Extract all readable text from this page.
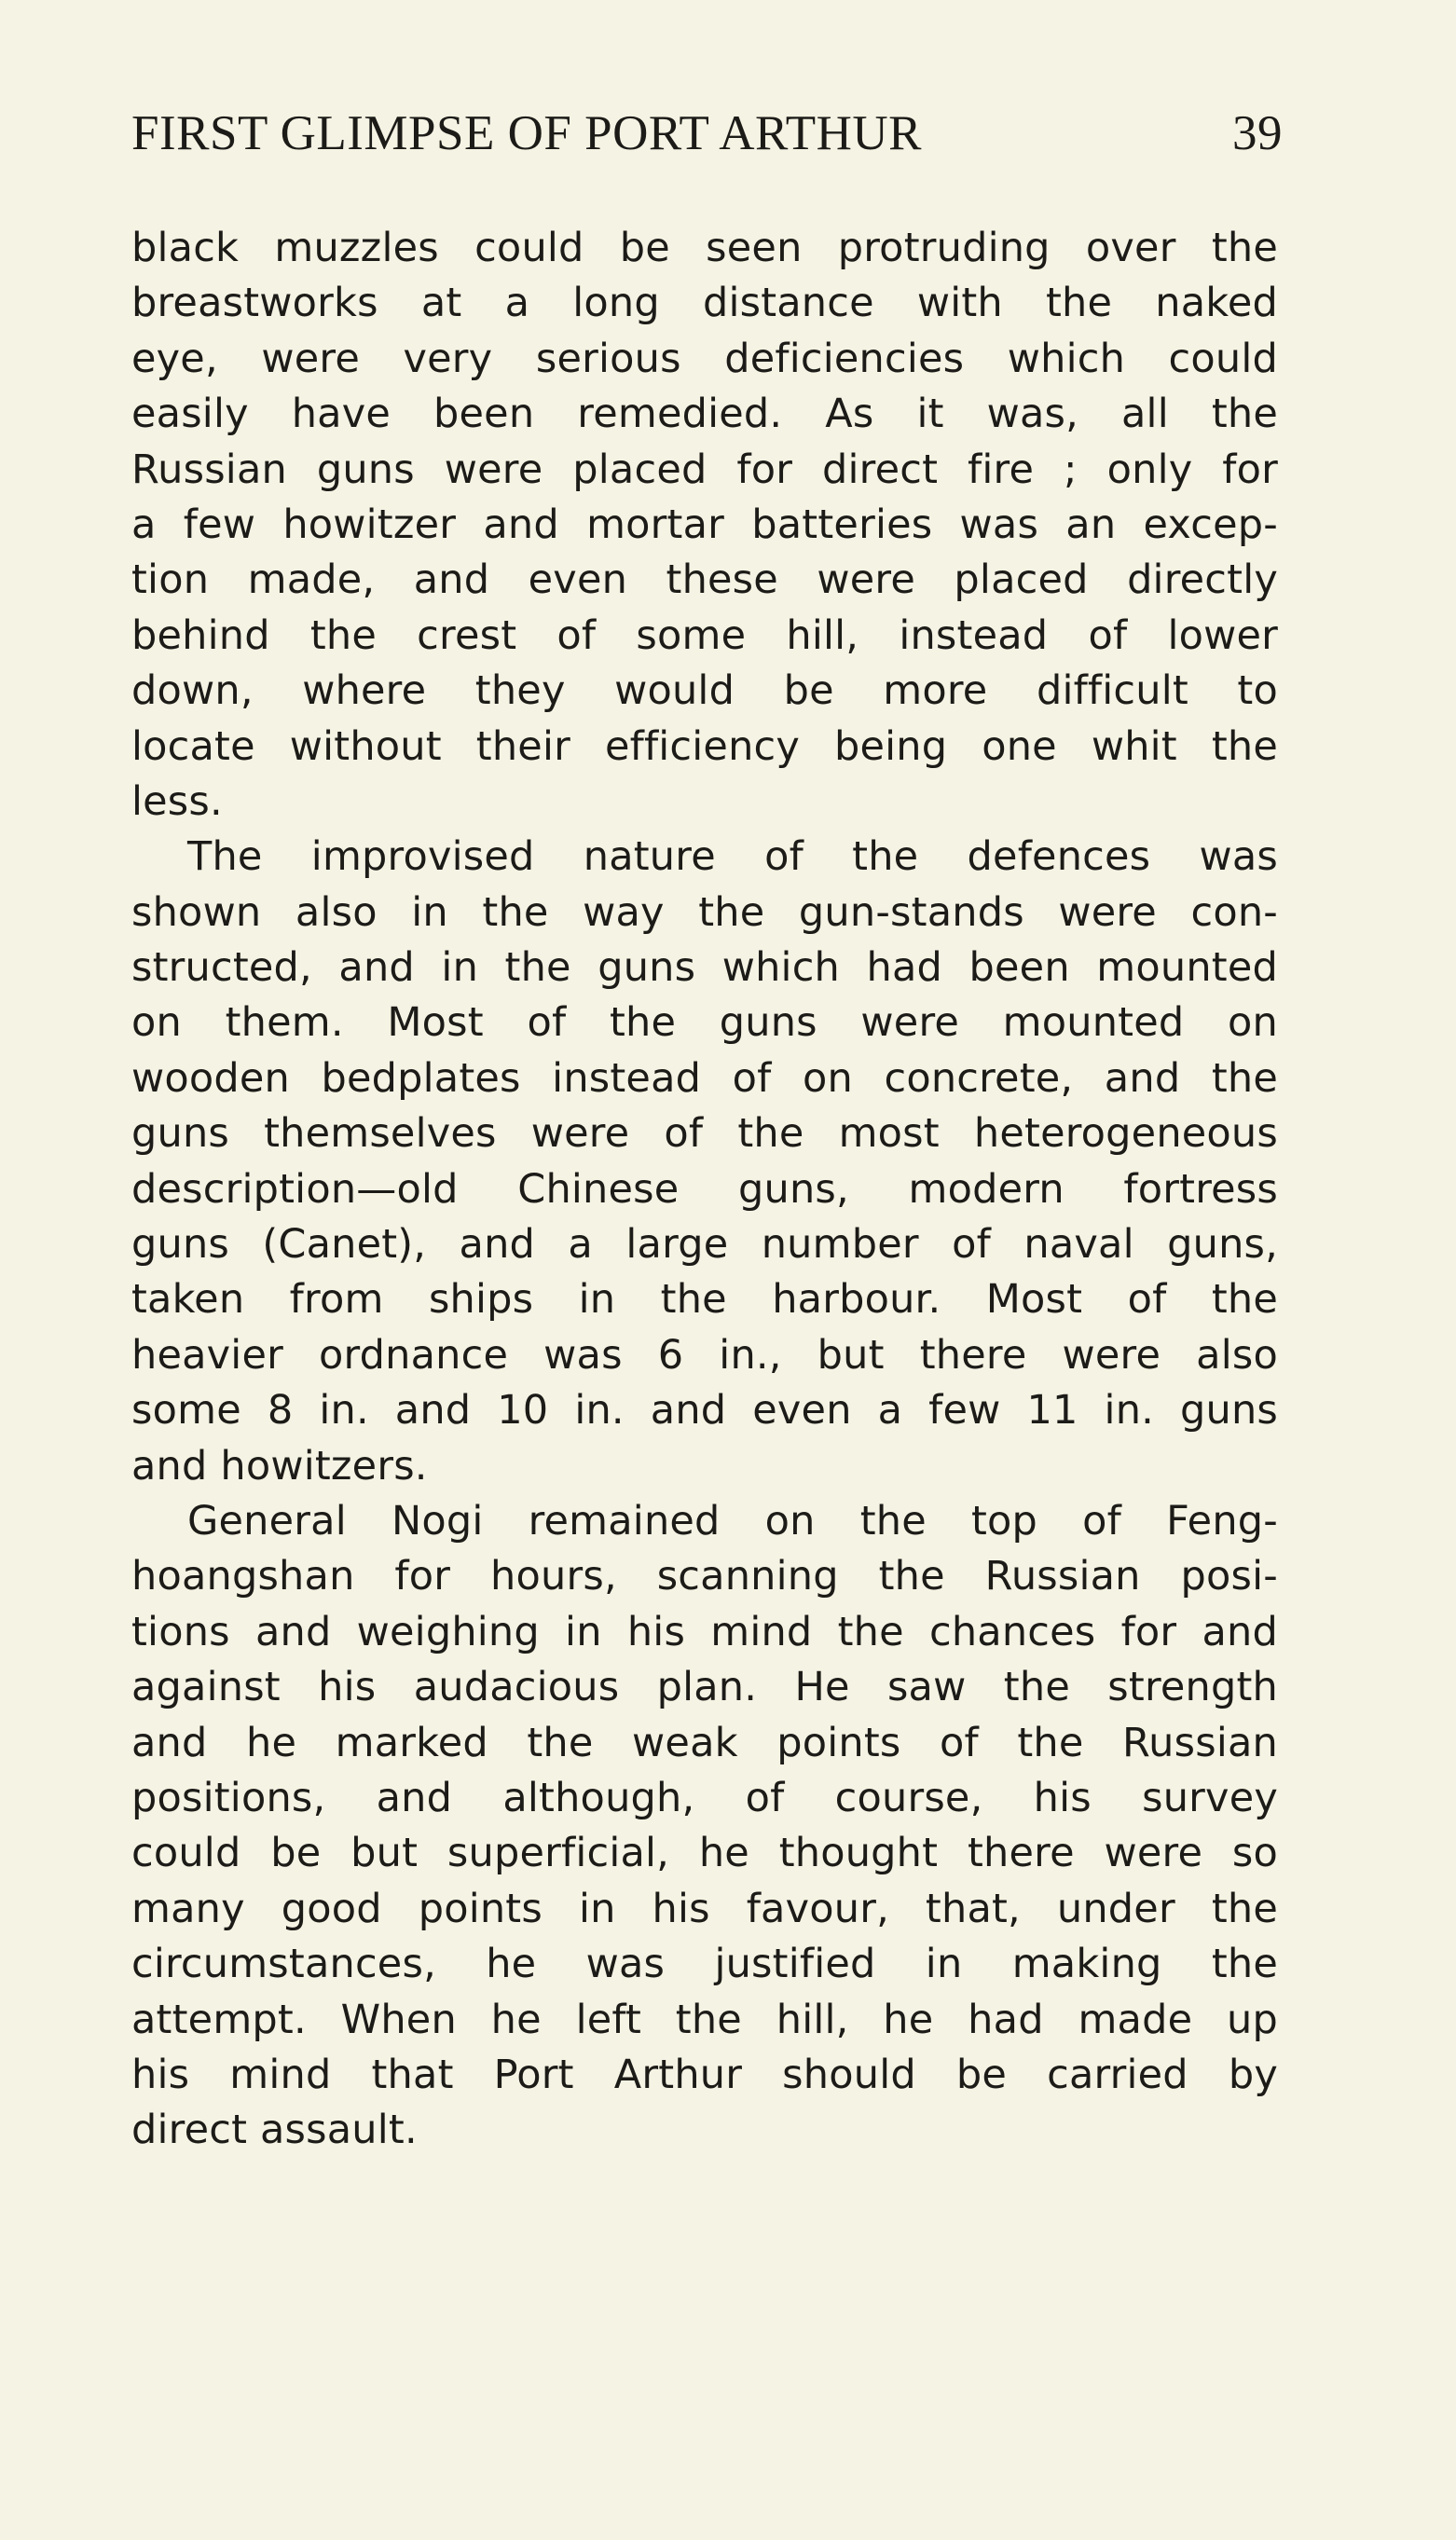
FIRST GLIMPSE OF PORT ARTHUR	39
black muzzles could be seen protruding over the
breastworks at a long distance with the naked
eye, were very serious deficiencies which could
easily have been remedied. As it was, all the
Russian guns were placed for direct fire ; only for
a few howitzer and mortar batteries was an excep-
tion made, and even these were placed directly
behind the crest of some hill, instead of lower
down, where they would be more difficult to
locate without their efficiency being one whit the
less.
The improvised nature of the defences was
shown also in the way the gun-stands were con-
structed, and in the guns which had been mounted
on them. Most of the guns were mounted on
wooden bedplates instead of on concrete, and the
guns themselves were of the most heterogeneous
description—old Chinese guns, modern fortress
guns (Canet), and a large number of naval guns,
taken from ships in the harbour. Most of the
heavier ordnance was 6 in., but there were also
some 8 in. and 10 in. and even a few 11 in. guns
and howitzers.
General Nogi remained on the top of Feng-
hoangshan for hours, scanning the Russian posi-
tions and weighing in his mind the chances for and
against his audacious plan. He saw the strength
and he marked the weak points of the Russian
positions, and although, of course, his survey
could be but superficial, he thought there were so
many good points in his favour, that, under the
circumstances, he was justified in making the
attempt. When he left the hill, he had made up
his mind that Port Arthur should be carried by
direct assault.
